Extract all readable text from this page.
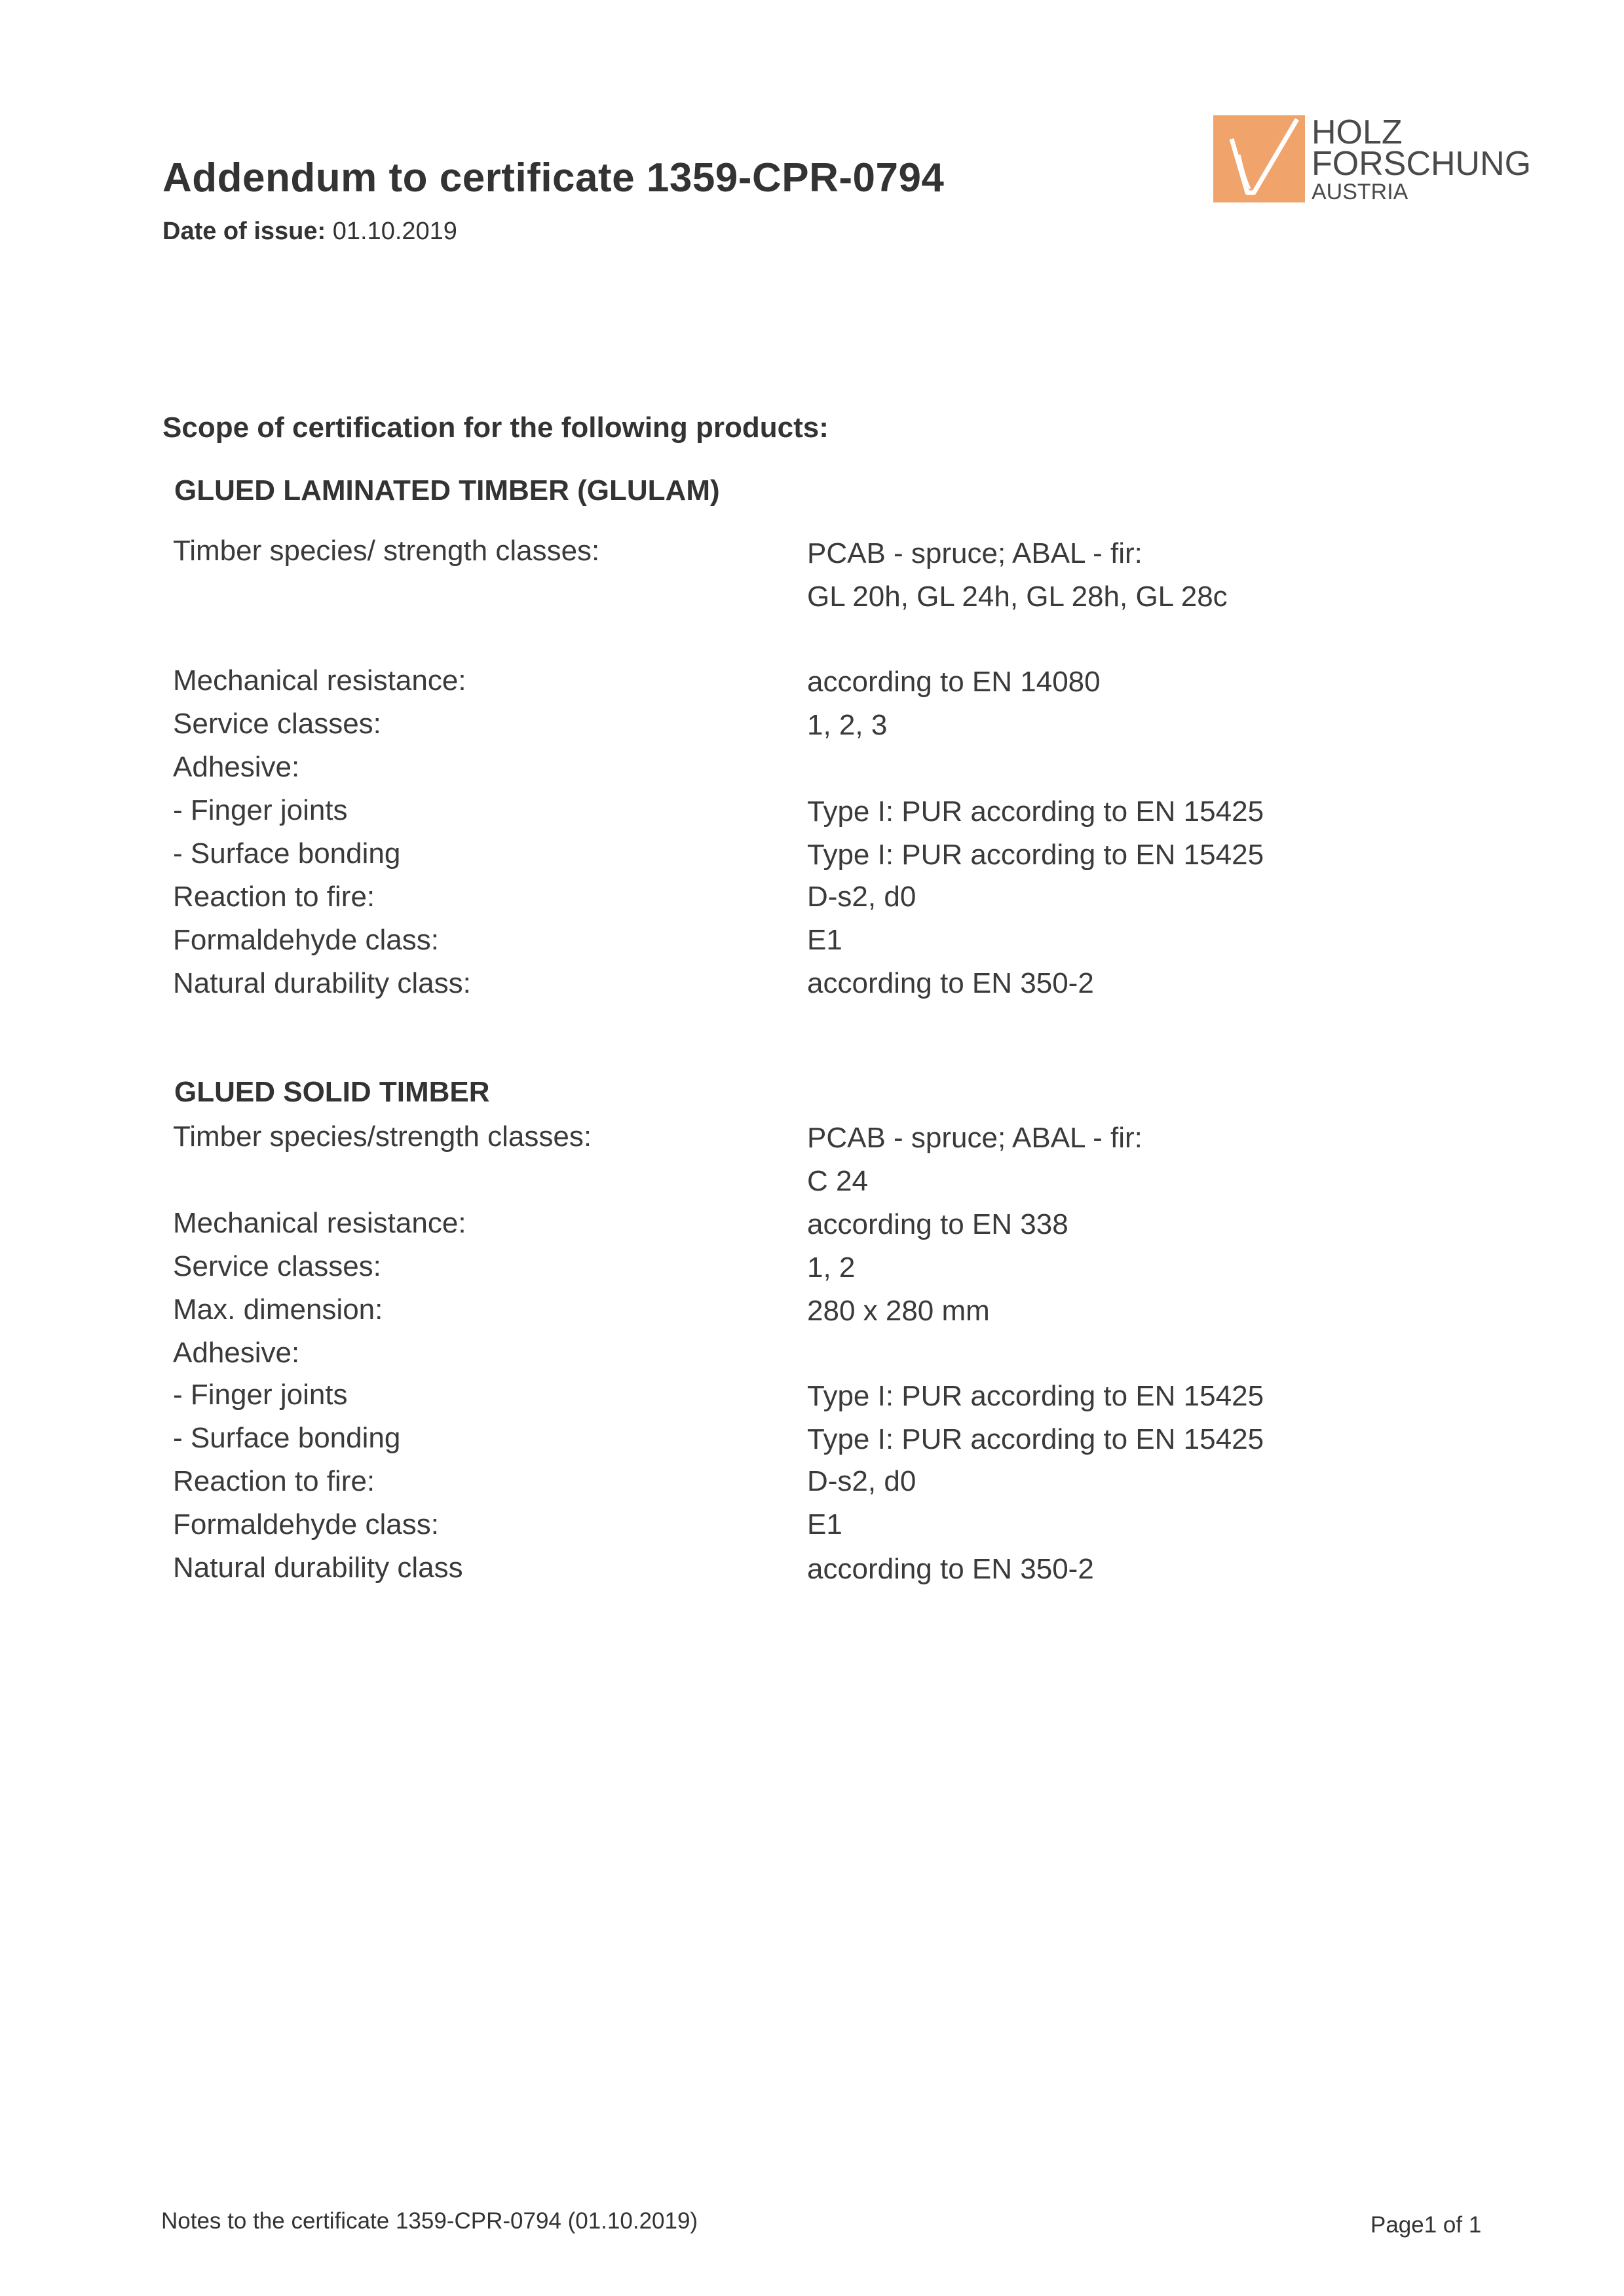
Addendum to certificate 1359-CPR-0794
Date of issue: 01.10.2019
HOLZ
FORSCHUNG
AUSTRIA
Scope of certification for the following products:
GLUED LAMINATED TIMBER (GLULAM)
Timber species/ strength classes:	PCAB - spruce; ABAL - fir:
GL 20h, GL 24h, GL 28h, GL 28c
Mechanical resistance:	according to EN 14080
Service classes:	1, 2, 3
Adhesive:
- Finger joints	Type I: PUR according to EN 15425
- Surface bonding	Type I: PUR according to EN 15425
Reaction to fire:	D-s2, d0
Formaldehyde class:	E1
Natural durability class:	according to EN 350-2
GLUED SOLID TIMBER
Timber species/strength classes:	PCAB - spruce; ABAL - fir:
C 24
Mechanical resistance:	according to EN 338
Service classes:	1, 2
Max. dimension:	280 x 280 mm
Adhesive:
- Finger joints	Type I: PUR according to EN 15425
- Surface bonding	Type I: PUR according to EN 15425
Reaction to fire:	D-s2, d0
Formaldehyde class:	E1
Natural durability class	according to EN 350-2
Notes to the certificate 1359-CPR-0794 (01.10.2019)	Page1 of 1
